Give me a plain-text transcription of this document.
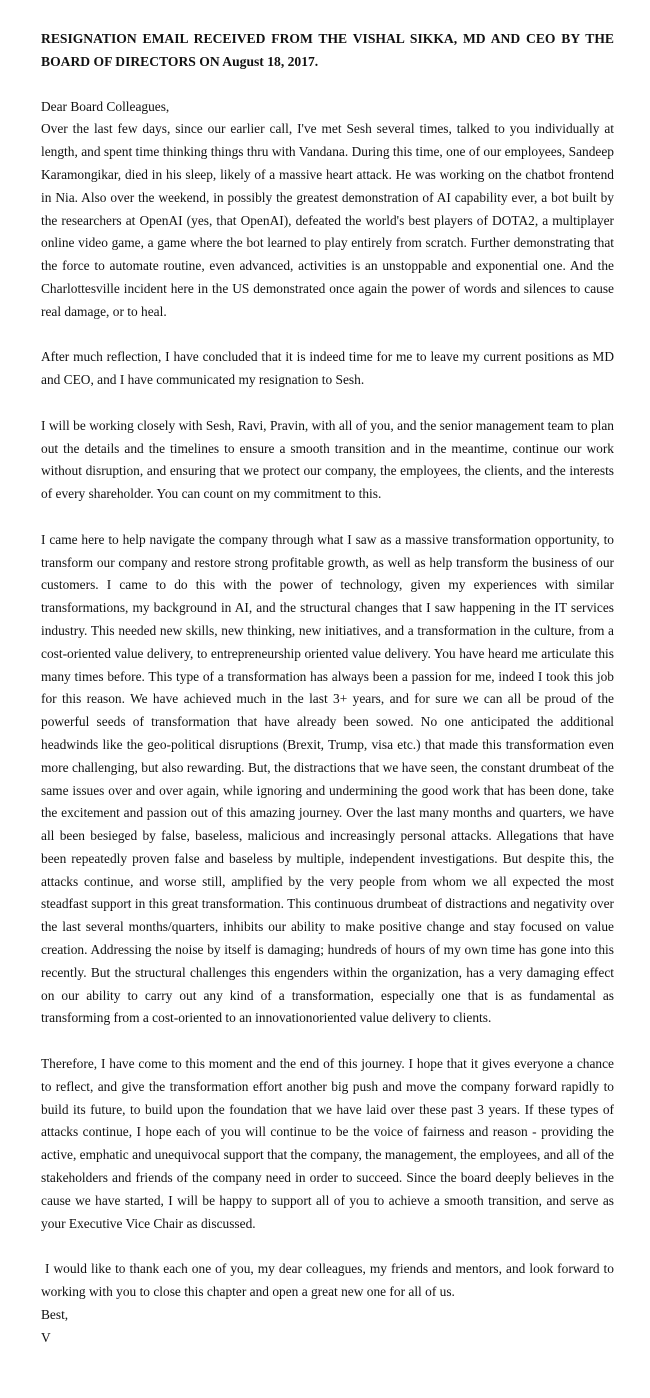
RESIGNATION EMAIL RECEIVED FROM THE VISHAL SIKKA, MD AND CEO BY THE BOARD OF DIRECTORS ON August 18, 2017.

Dear Board Colleagues,

Over the last few days, since our earlier call, I've met Sesh several times, talked to you individually at length, and spent time thinking things thru with Vandana. During this time, one of our employees, Sandeep Karamongikar, died in his sleep, likely of a massive heart attack. He was working on the chatbot frontend in Nia. Also over the weekend, in possibly the greatest demonstration of AI capability ever, a bot built by the researchers at OpenAI (yes, that OpenAI), defeated the world's best players of DOTA2, a multiplayer online video game, a game where the bot learned to play entirely from scratch. Further demonstrating that the force to automate routine, even advanced, activities is an unstoppable and exponential one. And the Charlottesville incident here in the US demonstrated once again the power of words and silences to cause real damage, or to heal.

After much reflection, I have concluded that it is indeed time for me to leave my current positions as MD and CEO, and I have communicated my resignation to Sesh.

I will be working closely with Sesh, Ravi, Pravin, with all of you, and the senior management team to plan out the details and the timelines to ensure a smooth transition and in the meantime, continue our work without disruption, and ensuring that we protect our company, the employees, the clients, and the interests of every shareholder. You can count on my commitment to this.

I came here to help navigate the company through what I saw as a massive transformation opportunity, to transform our company and restore strong profitable growth, as well as help transform the business of our customers. I came to do this with the power of technology, given my experiences with similar transformations, my background in AI, and the structural changes that I saw happening in the IT services industry. This needed new skills, new thinking, new initiatives, and a transformation in the culture, from a cost-oriented value delivery, to entrepreneurship oriented value delivery. You have heard me articulate this many times before. This type of a transformation has always been a passion for me, indeed I took this job for this reason. We have achieved much in the last 3+ years, and for sure we can all be proud of the powerful seeds of transformation that have already been sowed. No one anticipated the additional headwinds like the geo-political disruptions (Brexit, Trump, visa etc.) that made this transformation even more challenging, but also rewarding. But, the distractions that we have seen, the constant drumbeat of the same issues over and over again, while ignoring and undermining the good work that has been done, take the excitement and passion out of this amazing journey. Over the last many months and quarters, we have all been besieged by false, baseless, malicious and increasingly personal attacks. Allegations that have been repeatedly proven false and baseless by multiple, independent investigations. But despite this, the attacks continue, and worse still, amplified by the very people from whom we all expected the most steadfast support in this great transformation. This continuous drumbeat of distractions and negativity over the last several months/quarters, inhibits our ability to make positive change and stay focused on value creation. Addressing the noise by itself is damaging; hundreds of hours of my own time has gone into this recently. But the structural challenges this engenders within the organization, has a very damaging effect on our ability to carry out any kind of a transformation, especially one that is as fundamental as transforming from a cost-oriented to an innovationoriented value delivery to clients.

Therefore, I have come to this moment and the end of this journey. I hope that it gives everyone a chance to reflect, and give the transformation effort another big push and move the company forward rapidly to build its future, to build upon the foundation that we have laid over these past 3 years. If these types of attacks continue, I hope each of you will continue to be the voice of fairness and reason - providing the active, emphatic and unequivocal support that the company, the management, the employees, and all of the stakeholders and friends of the company need in order to succeed. Since the board deeply believes in the cause we have started, I will be happy to support all of you to achieve a smooth transition, and serve as your Executive Vice Chair as discussed.

I would like to thank each one of you, my dear colleagues, my friends and mentors, and look forward to working with you to close this chapter and open a great new one for all of us.

Best,

V
